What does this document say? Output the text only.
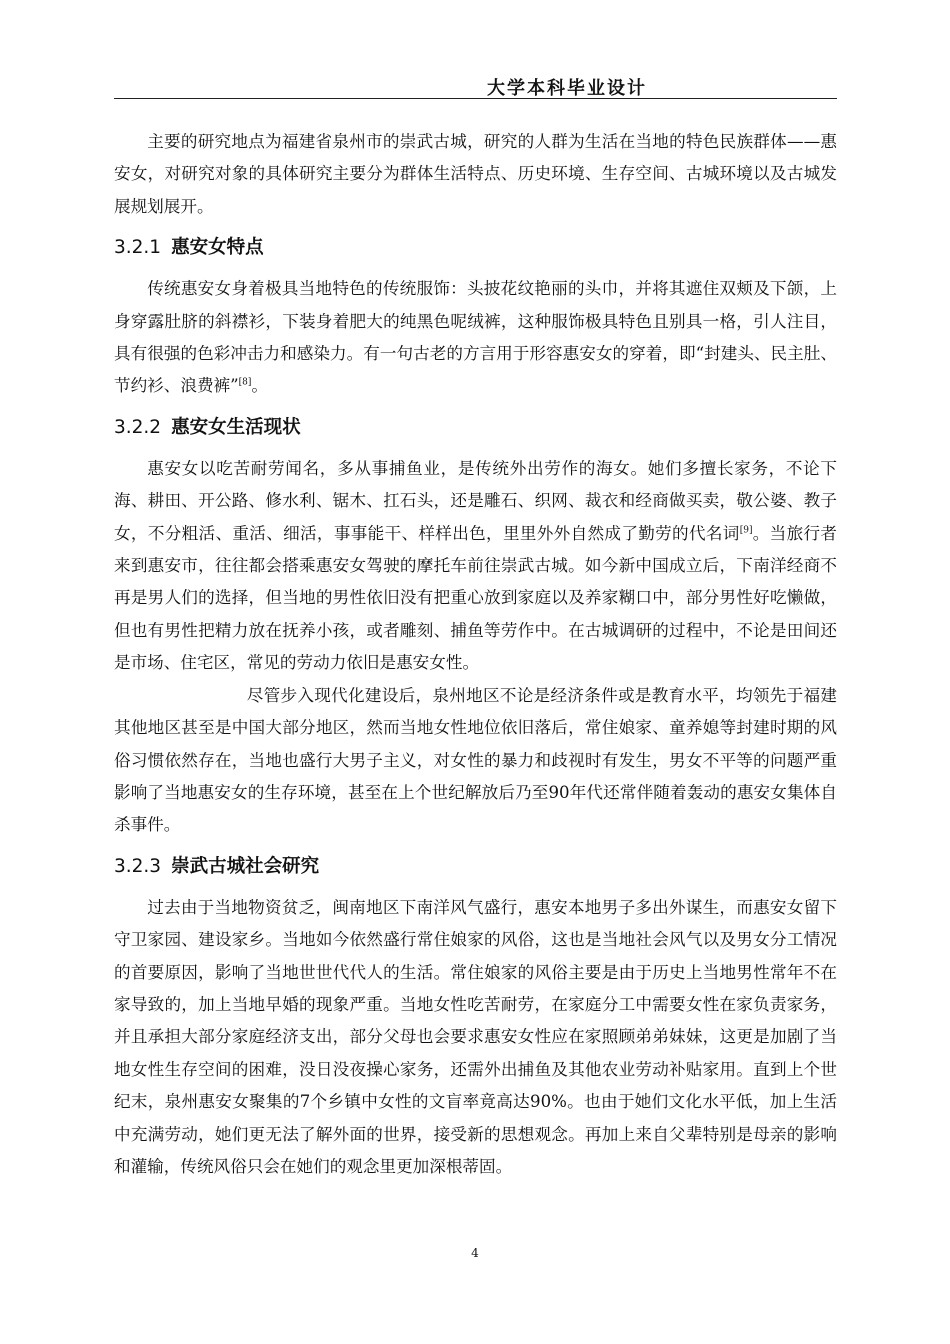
大学本科毕业设计

主要的研究地点为福建省泉州市的崇武古城，研究的人群为生活在当地的特色民族群体——惠安女，对研究对象的具体研究主要分为群体生活特点、历史环境、生存空间、古城环境以及古城发展规划展开。

3.2.1 惠安女特点

传统惠安女身着极具当地特色的传统服饰：头披花纹艳丽的头巾，并将其遮住双颊及下颌，上身穿露肚脐的斜襟衫，下装身着肥大的纯黑色呢绒裤，这种服饰极具特色且别具一格，引人注目，具有很强的色彩冲击力和感染力。有一句古老的方言用于形容惠安女的穿着，即“封建头、民主肚、节约衫、浪费裤”[8]。

3.2.2 惠安女生活现状

惠安女以吃苦耐劳闻名，多从事捕鱼业，是传统外出劳作的海女。她们多擅长家务，不论下海、耕田、开公路、修水利、锯木、扛石头，还是雕石、织网、裁衣和经商做买卖，敬公婆、教子女，不分粗活、重活、细活，事事能干、样样出色，里里外外自然成了勤劳的代名词[9]。当旅行者来到惠安市，往往都会搭乘惠安女驾驶的摩托车前往崇武古城。如今新中国成立后，下南洋经商不再是男人们的选择，但当地的男性依旧没有把重心放到家庭以及养家糊口中，部分男性好吃懒做，但也有男性把精力放在抚养小孩，或者雕刻、捕鱼等劳作中。在古城调研的过程中，不论是田间还是市场、住宅区，常见的劳动力依旧是惠安女性。

尽管步入现代化建设后，泉州地区不论是经济条件或是教育水平，均领先于福建其他地区甚至是中国大部分地区，然而当地女性地位依旧落后，常住娘家、童养媳等封建时期的风俗习惯依然存在，当地也盛行大男子主义，对女性的暴力和歧视时有发生，男女不平等的问题严重影响了当地惠安女的生存环境，甚至在上个世纪解放后乃至90年代还常伴随着轰动的惠安女集体自杀事件。

3.2.3 崇武古城社会研究

过去由于当地物资贫乏，闽南地区下南洋风气盛行，惠安本地男子多出外谋生，而惠安女留下守卫家园、建设家乡。当地如今依然盛行常住娘家的风俗，这也是当地社会风气以及男女分工情况的首要原因，影响了当地世世代代人的生活。常住娘家的风俗主要是由于历史上当地男性常年不在家导致的，加上当地早婚的现象严重。当地女性吃苦耐劳，在家庭分工中需要女性在家负责家务，并且承担大部分家庭经济支出，部分父母也会要求惠安女性应在家照顾弟弟妹妹，这更是加剧了当地女性生存空间的困难，没日没夜操心家务，还需外出捕鱼及其他农业劳动补贴家用。直到上个世纪末，泉州惠安女聚集的7个乡镇中女性的文盲率竟高达90%。也由于她们文化水平低，加上生活中充满劳动，她们更无法了解外面的世界，接受新的思想观念。再加上来自父辈特别是母亲的影响和灌输，传统风俗只会在她们的观念里更加深根蒂固。

4
